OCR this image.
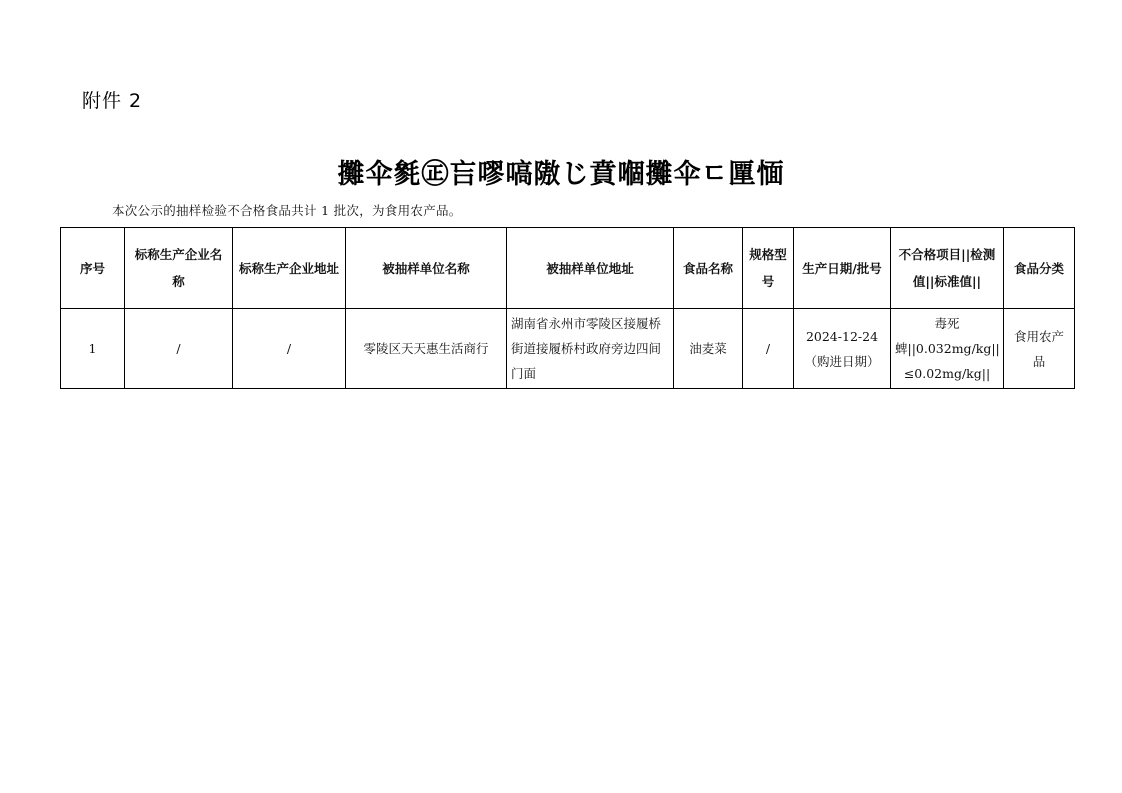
附件 2
攤伞毿㊣吂嘐嗃隞じ賁嗰攤伞ㄷ匰愐
本次公示的抽样检验不合格食品共计 1 批次，为食用农产品。
序号	标称生产企业名称	标称生产企业地址	被抽样单位名称	被抽样单位地址	食品名称	规格型号	生产日期/批号	不合格项目||检测值||标准值||	食品分类
1	/	/	零陵区天天惠生活商行	湖南省永州市零陵区接履桥街道接履桥村政府旁边四间门面	油麦菜	/	2024-12-24（购进日期）	毒死蜱||0.032mg/kg||≤0.02mg/kg||	食用农产品
